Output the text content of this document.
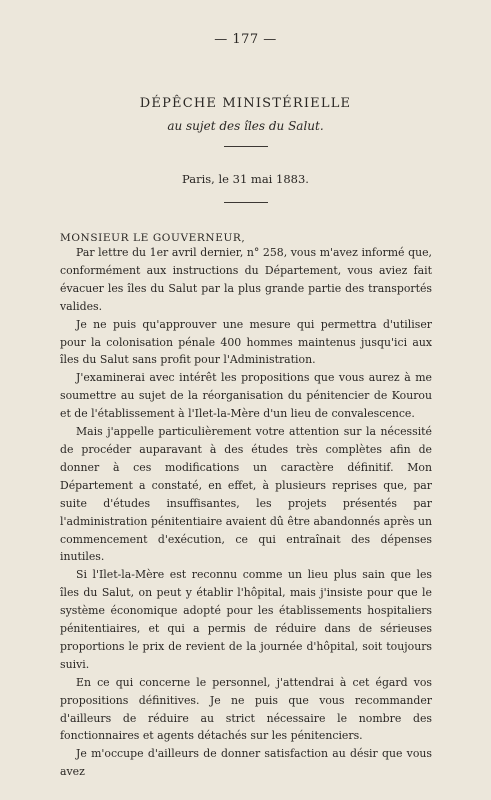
— 177 —
DÉPÊCHE MINISTÉRIELLE
au sujet des îles du Salut.
Paris, le 31 mai 1883.
MONSIEUR LE GOUVERNEUR,

Par lettre du 1er avril dernier, n° 258, vous m'avez informé que, conformément aux instructions du Département, vous aviez fait évacuer les îles du Salut par la plus grande partie des transportés valides.

Je ne puis qu'approuver une mesure qui permettra d'utiliser pour la colonisation pénale 400 hommes maintenus jusqu'ici aux îles du Salut sans profit pour l'Administration.

J'examinerai avec intérêt les propositions que vous aurez à me soumettre au sujet de la réorganisation du pénitencier de Kourou et de l'établissement à l'Ilet-la-Mère d'un lieu de convalescence.

Mais j'appelle particulièrement votre attention sur la nécessité de procéder auparavant à des études très complètes afin de donner à ces modifications un caractère définitif. Mon Département a constaté, en effet, à plusieurs reprises que, par suite d'études insuffisantes, les projets présentés par l'administration pénitentiaire avaient dû être abandonnés après un commencement d'exécution, ce qui entraînait des dépenses inutiles.

Si l'Ilet-la-Mère est reconnu comme un lieu plus sain que les îles du Salut, on peut y établir l'hôpital, mais j'insiste pour que le système économique adopté pour les établissements hospitaliers pénitentiaires, et qui a permis de réduire dans de sérieuses proportions le prix de revient de la journée d'hôpital, soit toujours suivi.

En ce qui concerne le personnel, j'attendrai à cet égard vos propositions définitives. Je ne puis que vous recommander d'ailleurs de réduire au strict nécessaire le nombre des fonctionnaires et agents détachés sur les pénitenciers.

Je m'occupe d'ailleurs de donner satisfaction au désir que vous avez
